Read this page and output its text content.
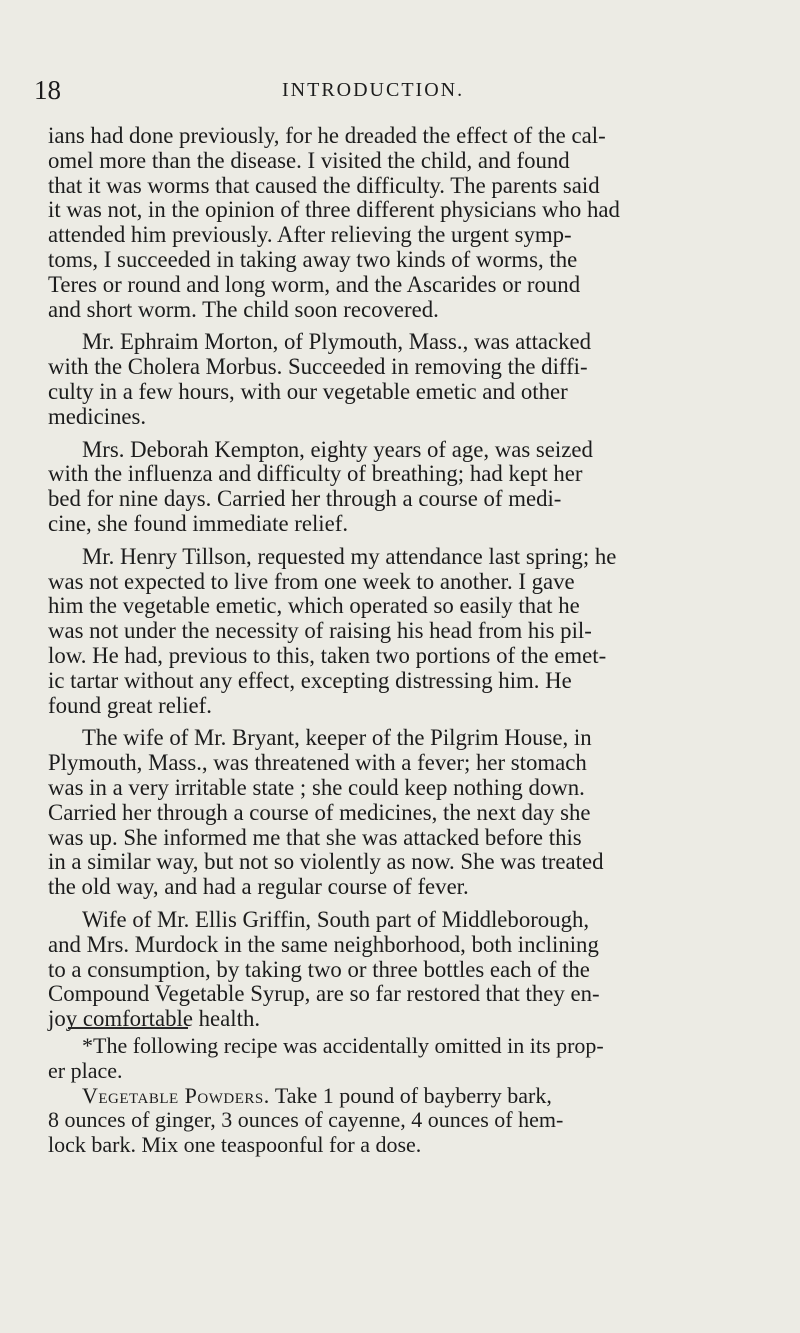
18	INTRODUCTION.

ians had done previously, for he dreaded the effect of the cal-
omel more than the disease. I visited the child, and found
that it was worms that caused the difficulty. The parents said
it was not, in the opinion of three different physicians who had
attended him previously. After relieving the urgent symp-
toms, I succeeded in taking away two kinds of worms, the
Teres or round and long worm, and the Ascarides or round
and short worm. The child soon recovered.

Mr. Ephraim Morton, of Plymouth, Mass., was attacked
with the Cholera Morbus. Succeeded in removing the diffi-
culty in a few hours, with our vegetable emetic and other
medicines.

Mrs. Deborah Kempton, eighty years of age, was seized
with the influenza and difficulty of breathing; had kept her
bed for nine days. Carried her through a course of medi-
cine, she found immediate relief.

Mr. Henry Tillson, requested my attendance last spring; he
was not expected to live from one week to another. I gave
him the vegetable emetic, which operated so easily that he
was not under the necessity of raising his head from his pil-
low. He had, previous to this, taken two portions of the emet-
ic tartar without any effect, excepting distressing him. He
found great relief.

The wife of Mr. Bryant, keeper of the Pilgrim House, in
Plymouth, Mass., was threatened with a fever; her stomach
was in a very irritable state ; she could keep nothing down.
Carried her through a course of medicines, the next day she
was up. She informed me that she was attacked before this
in a similar way, but not so violently as now. She was treated
the old way, and had a regular course of fever.

Wife of Mr. Ellis Griffin, South part of Middleborough,
and Mrs. Murdock in the same neighborhood, both inclining
to a consumption, by taking two or three bottles each of the
Compound Vegetable Syrup, are so far restored that they en-
joy comfortable health.

*The following recipe was accidentally omitted in its prop-
er place.

Vegetable Powders. Take 1 pound of bayberry bark,
8 ounces of ginger, 3 ounces of cayenne, 4 ounces of hem-
lock bark. Mix one teaspoonful for a dose.
